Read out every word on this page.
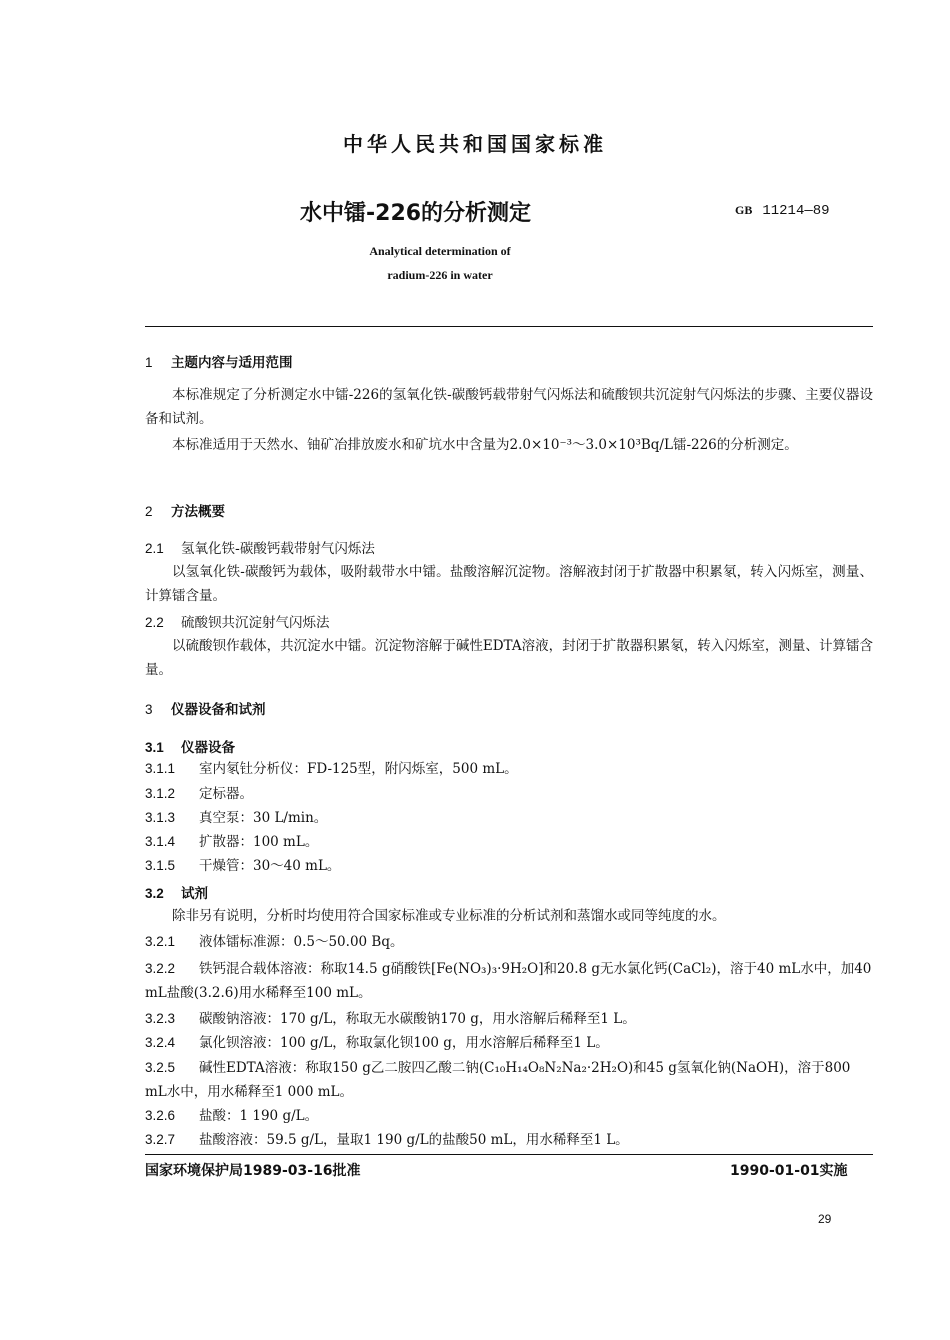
中华人民共和国国家标准
水中镭-226的分析测定	GB 11214—89
Analytical determination of
radium-226 in water
1 主题内容与适用范围
本标准规定了分析测定水中镭-226的氢氧化铁-碳酸钙载带射气闪烁法和硫酸钡共沉淀射气闪烁法的步骤、主要仪器设备和试剂。
本标准适用于天然水、铀矿冶排放废水和矿坑水中含量为2.0×10⁻³～3.0×10³Bq/L镭-226的分析测定。
2 方法概要
2.1 氢氧化铁-碳酸钙载带射气闪烁法
以氢氧化铁-碳酸钙为载体，吸附载带水中镭。盐酸溶解沉淀物。溶解液封闭于扩散器中积累氡，转入闪烁室，测量、计算镭含量。
2.2 硫酸钡共沉淀射气闪烁法
以硫酸钡作载体，共沉淀水中镭。沉淀物溶解于碱性EDTA溶液，封闭于扩散器积累氡，转入闪烁室，测量、计算镭含量。
3 仪器设备和试剂
3.1 仪器设备
3.1.1 室内氡钍分析仪：FD-125型，附闪烁室，500 mL。
3.1.2 定标器。
3.1.3 真空泵：30 L/min。
3.1.4 扩散器：100 mL。
3.1.5 干燥管：30～40 mL。
3.2 试剂
除非另有说明，分析时均使用符合国家标准或专业标准的分析试剂和蒸馏水或同等纯度的水。
3.2.1 液体镭标准源：0.5～50.00 Bq。
3.2.2 铁钙混合载体溶液：称取14.5 g硝酸铁[Fe(NO₃)₃·9H₂O]和20.8 g无水氯化钙(CaCl₂)，溶于40 mL水中，加40 mL盐酸(3.2.6)用水稀释至100 mL。
3.2.3 碳酸钠溶液：170 g/L，称取无水碳酸钠170 g，用水溶解后稀释至1 L。
3.2.4 氯化钡溶液：100 g/L，称取氯化钡100 g，用水溶解后稀释至1 L。
3.2.5 碱性EDTA溶液：称取150 g乙二胺四乙酸二钠(C₁₀H₁₄O₈N₂Na₂·2H₂O)和45 g氢氧化钠(NaOH)，溶于800 mL水中，用水稀释至1 000 mL。
3.2.6 盐酸：1 190 g/L。
3.2.7 盐酸溶液：59.5 g/L，量取1 190 g/L的盐酸50 mL，用水稀释至1 L。
国家环境保护局1989-03-16批准	1990-01-01实施
29
